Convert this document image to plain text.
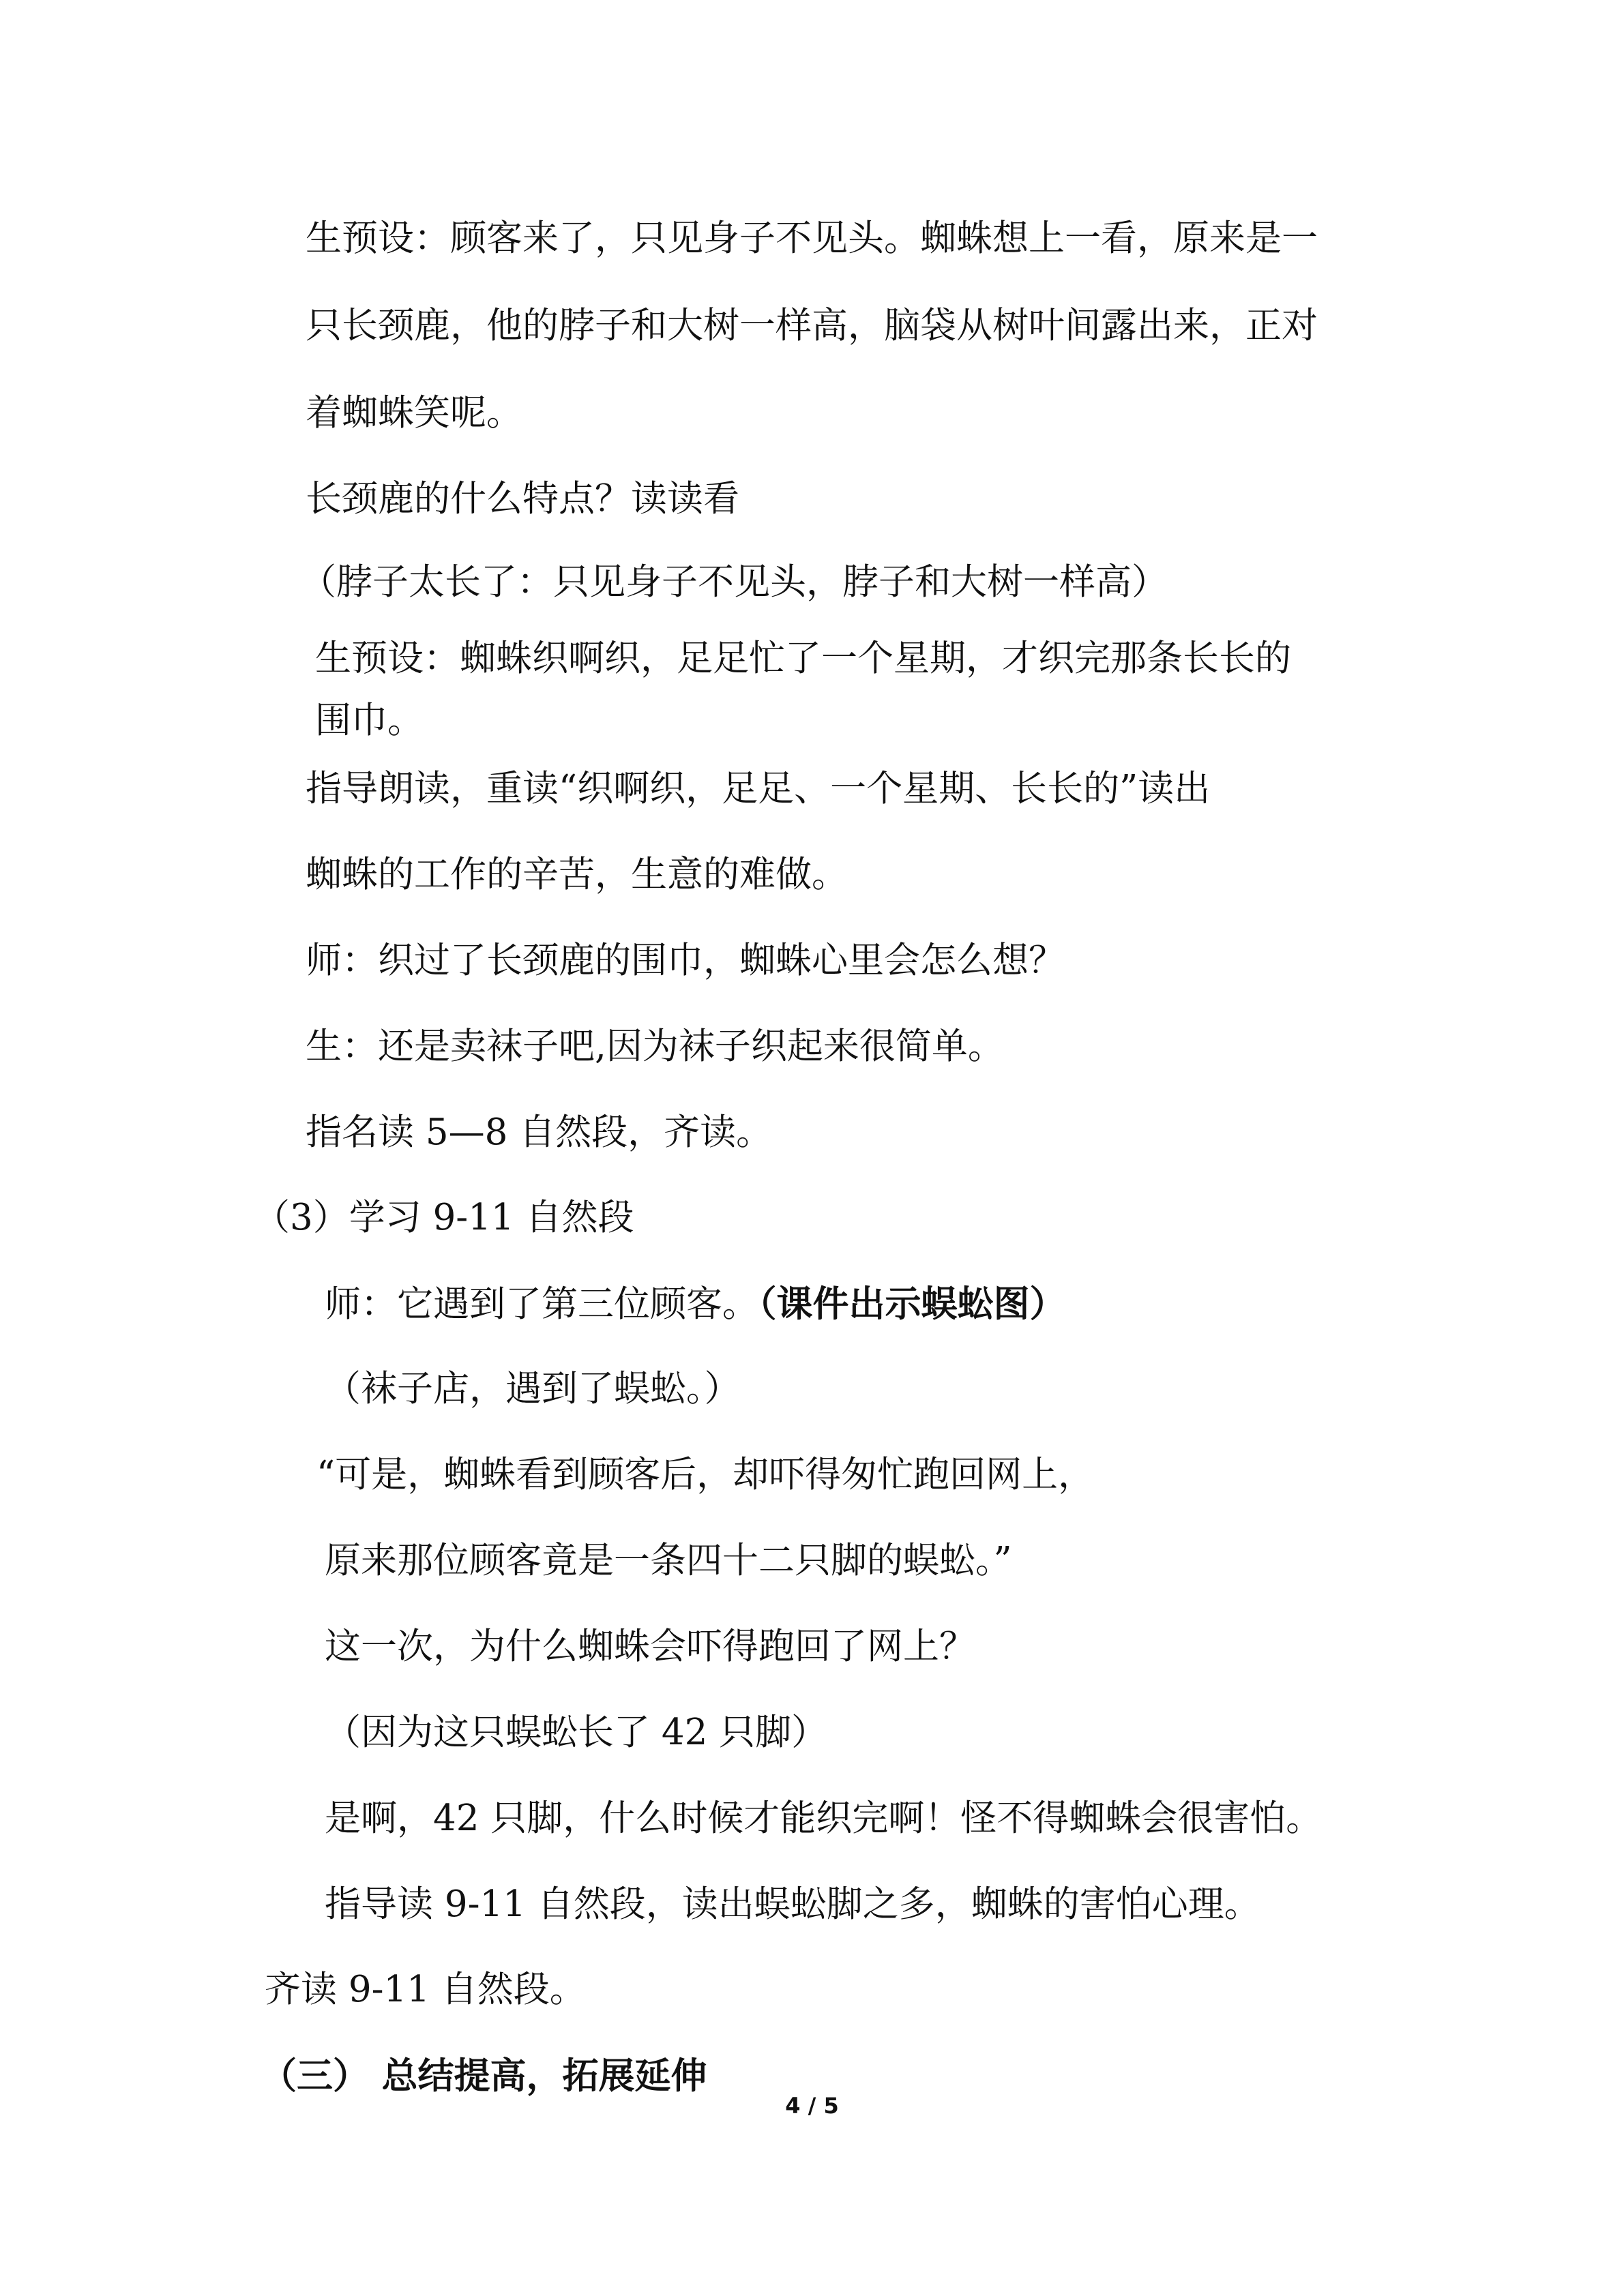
生预设：顾客来了，只见身子不见头。蜘蛛想上一看，原来是一
只长颈鹿，他的脖子和大树一样高，脑袋从树叶间露出来，正对
着蜘蛛笑呢。
长颈鹿的什么特点？读读看
（脖子太长了：只见身子不见头，脖子和大树一样高）
生预设：蜘蛛织啊织，足足忙了一个星期，才织完那条长长的
围巾。
指导朗读，重读“织啊织，足足、一个星期、长长的”读出
蜘蛛的工作的辛苦，生意的难做。
师：织过了长颈鹿的围巾，蜘蛛心里会怎么想？
生：还是卖袜子吧,因为袜子织起来很简单。
指名读 5—8 自然段，齐读。
（3）学习 9-11 自然段
师：它遇到了第三位顾客。（课件出示蜈蚣图）
（袜子店，遇到了蜈蚣。）
“可是，蜘蛛看到顾客后，却吓得匆忙跑回网上，
原来那位顾客竟是一条四十二只脚的蜈蚣。”
这一次，为什么蜘蛛会吓得跑回了网上？
（因为这只蜈蚣长了 42 只脚）
是啊，42 只脚，什么时候才能织完啊！怪不得蜘蛛会很害怕。
指导读 9-11 自然段，读出蜈蚣脚之多，蜘蛛的害怕心理。
齐读 9-11 自然段。
（三） 总结提高，拓展延伸
4 / 5
